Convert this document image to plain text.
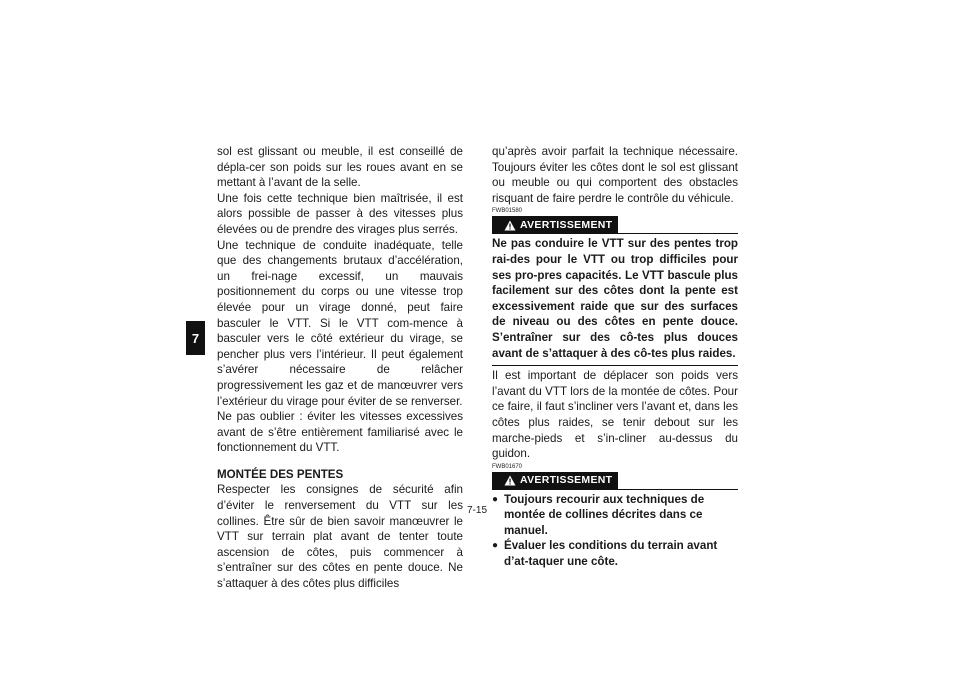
7

sol est glissant ou meuble, il est conseillé de dépla-cer son poids sur les roues avant en se mettant à l’avant de la selle.

Une fois cette technique bien maîtrisée, il est alors possible de passer à des vitesses plus élevées ou de prendre des virages plus serrés.

Une technique de conduite inadéquate, telle que des changements brutaux d’accélération, un frei-nage excessif, un mauvais positionnement du corps ou une vitesse trop élevée pour un virage donné, peut faire basculer le VTT. Si le VTT com-mence à basculer vers le côté extérieur du virage, se pencher plus vers l’intérieur. Il peut également s’avérer nécessaire de relâcher progressivement les gaz et de manœuvrer vers l’extérieur du virage pour éviter de se renverser.

Ne pas oublier : éviter les vitesses excessives avant de s’être entièrement familiarisé avec le fonctionnement du VTT.

MONTÉE DES PENTES

Respecter les consignes de sécurité afin d’éviter le renversement du VTT sur les collines. Être sûr de bien savoir manœuvrer le VTT sur terrain plat avant de tenter toute ascension de côtes, puis commencer à s’entraîner sur des côtes en pente douce. Ne s’attaquer à des côtes plus difficiles

qu’après avoir parfait la technique nécessaire. Toujours éviter les côtes dont le sol est glissant ou meuble ou qui comportent des obstacles risquant de faire perdre le contrôle du véhicule.

FWB01580
AVERTISSEMENT

Ne pas conduire le VTT sur des pentes trop rai-des pour le VTT ou trop difficiles pour ses pro-pres capacités. Le VTT bascule plus facilement sur des côtes dont la pente est excessivement raide que sur des surfaces de niveau ou des côtes en pente douce. S’entraîner sur des cô-tes plus douces avant de s’attaquer à des cô-tes plus raides.

Il est important de déplacer son poids vers l’avant du VTT lors de la montée de côtes. Pour ce faire, il faut s’incliner vers l’avant et, dans les côtes plus raides, se tenir debout sur les marche-pieds et s’in-cliner au-dessus du guidon.

FWB01670
AVERTISSEMENT
● Toujours recourir aux techniques de montée de collines décrites dans ce manuel.
● Évaluer les conditions du terrain avant d’at-taquer une côte.
7-15
